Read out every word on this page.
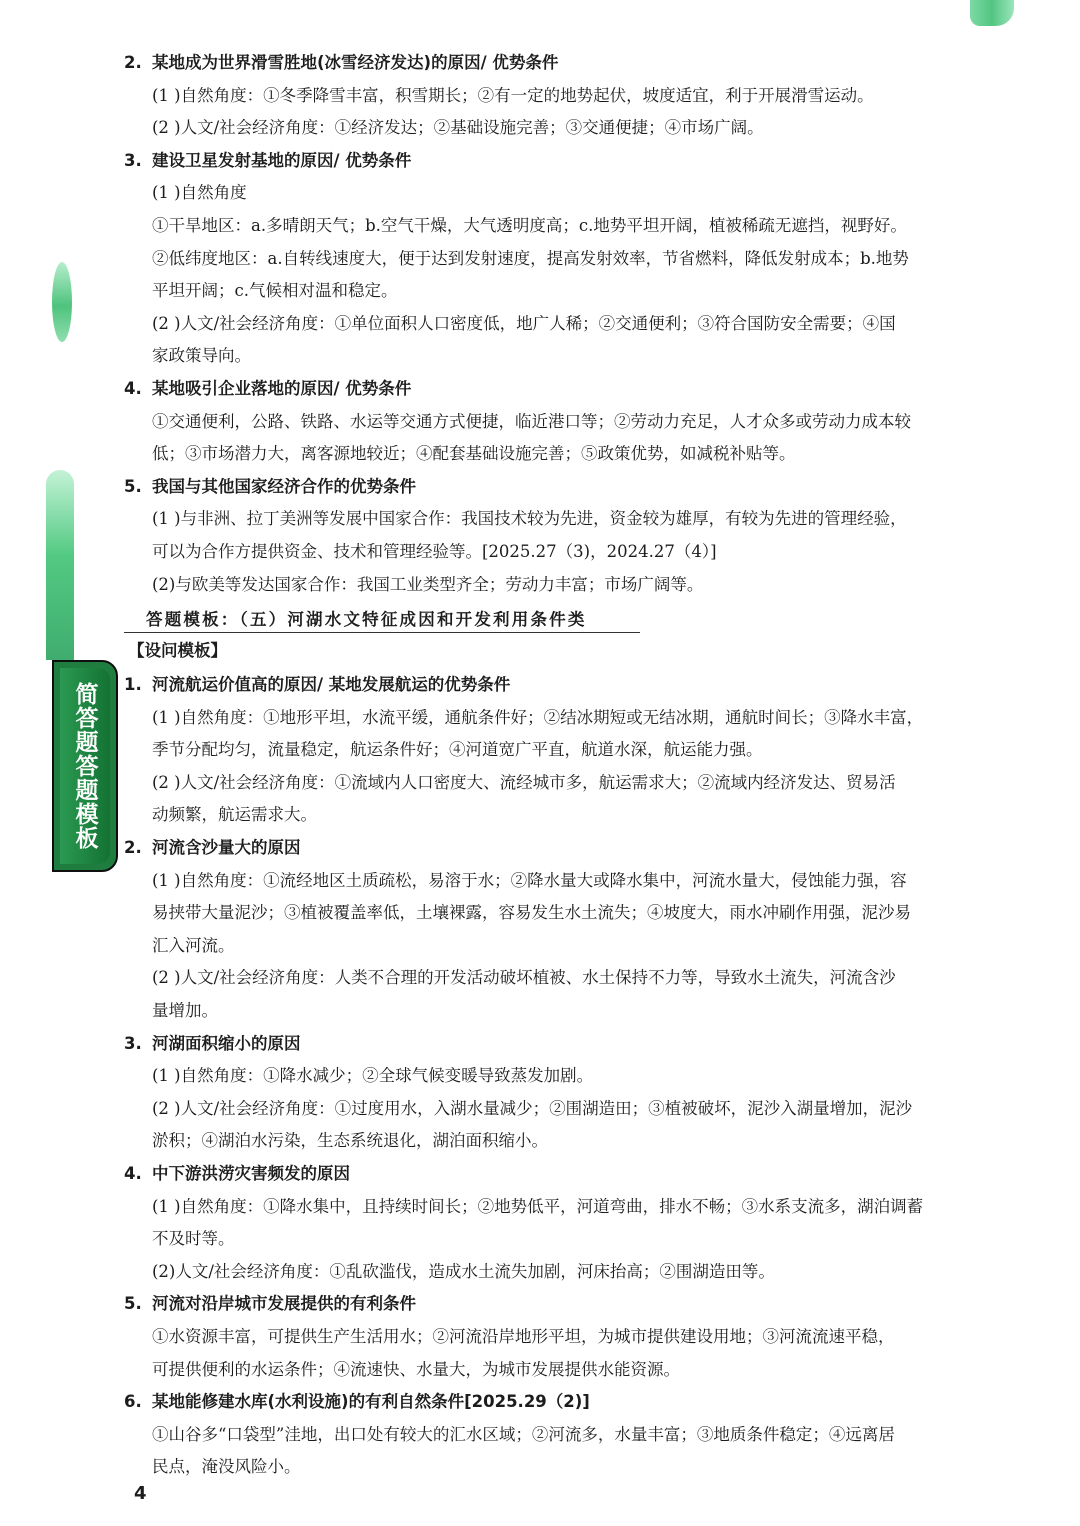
简答题答题模板
答题模板：（五）河湖水文特征成因和开发利用条件类
2. 某地成为世界滑雪胜地(冰雪经济发达)的原因/ 优势条件
(1 )自然角度：①冬季降雪丰富，积雪期长；②有一定的地势起伏，坡度适宜，利于开展滑雪运动。
(2 )人文/社会经济角度：①经济发达；②基础设施完善；③交通便捷；④市场广阔。
3. 建设卫星发射基地的原因/ 优势条件
(1 )自然角度
①干旱地区：a.多晴朗天气；b.空气干燥，大气透明度高；c.地势平坦开阔，植被稀疏无遮挡，视野好。
②低纬度地区：a.自转线速度大，便于达到发射速度，提高发射效率，节省燃料，降低发射成本；b.地势
平坦开阔；c.气候相对温和稳定。
(2 )人文/社会经济角度：①单位面积人口密度低，地广人稀；②交通便利；③符合国防安全需要；④国
家政策导向。
4. 某地吸引企业落地的原因/ 优势条件
①交通便利，公路、铁路、水运等交通方式便捷，临近港口等；②劳动力充足，人才众多或劳动力成本较
低；③市场潜力大，离客源地较近；④配套基础设施完善；⑤政策优势，如减税补贴等。
5. 我国与其他国家经济合作的优势条件
(1 )与非洲、拉丁美洲等发展中国家合作：我国技术较为先进，资金较为雄厚，有较为先进的管理经验，
可以为合作方提供资金、技术和管理经验等。[2025.27（3)，2024.27（4）]
(2)与欧美等发达国家合作：我国工业类型齐全；劳动力丰富；市场广阔等。
【设问模板】
1. 河流航运价值高的原因/ 某地发展航运的优势条件
(1 )自然角度：①地形平坦，水流平缓，通航条件好；②结冰期短或无结冰期，通航时间长；③降水丰富，
季节分配均匀，流量稳定，航运条件好；④河道宽广平直，航道水深，航运能力强。
(2 )人文/社会经济角度：①流域内人口密度大、流经城市多，航运需求大；②流域内经济发达、贸易活
动频繁，航运需求大。
2. 河流含沙量大的原因
(1 )自然角度：①流经地区土质疏松，易溶于水；②降水量大或降水集中，河流水量大，侵蚀能力强，容
易挟带大量泥沙；③植被覆盖率低，土壤裸露，容易发生水土流失；④坡度大，雨水冲刷作用强，泥沙易
汇入河流。
(2 )人文/社会经济角度：人类不合理的开发活动破坏植被、水土保持不力等，导致水土流失，河流含沙
量增加。
3. 河湖面积缩小的原因
(1 )自然角度：①降水减少；②全球气候变暖导致蒸发加剧。
(2 )人文/社会经济角度：①过度用水，入湖水量减少；②围湖造田；③植被破坏，泥沙入湖量增加，泥沙
淤积；④湖泊水污染，生态系统退化，湖泊面积缩小。
4. 中下游洪涝灾害频发的原因
(1 )自然角度：①降水集中，且持续时间长；②地势低平，河道弯曲，排水不畅；③水系支流多，湖泊调蓄
不及时等。
(2)人文/社会经济角度：①乱砍滥伐，造成水土流失加剧，河床抬高；②围湖造田等。
5. 河流对沿岸城市发展提供的有利条件
①水资源丰富，可提供生产生活用水；②河流沿岸地形平坦，为城市提供建设用地；③河流流速平稳，
可提供便利的水运条件；④流速快、水量大，为城市发展提供水能资源。
6. 某地能修建水库(水利设施)的有利自然条件[2025.29（2)]
①山谷多“口袋型”洼地，出口处有较大的汇水区域；②河流多，水量丰富；③地质条件稳定；④远离居
民点，淹没风险小。
4
